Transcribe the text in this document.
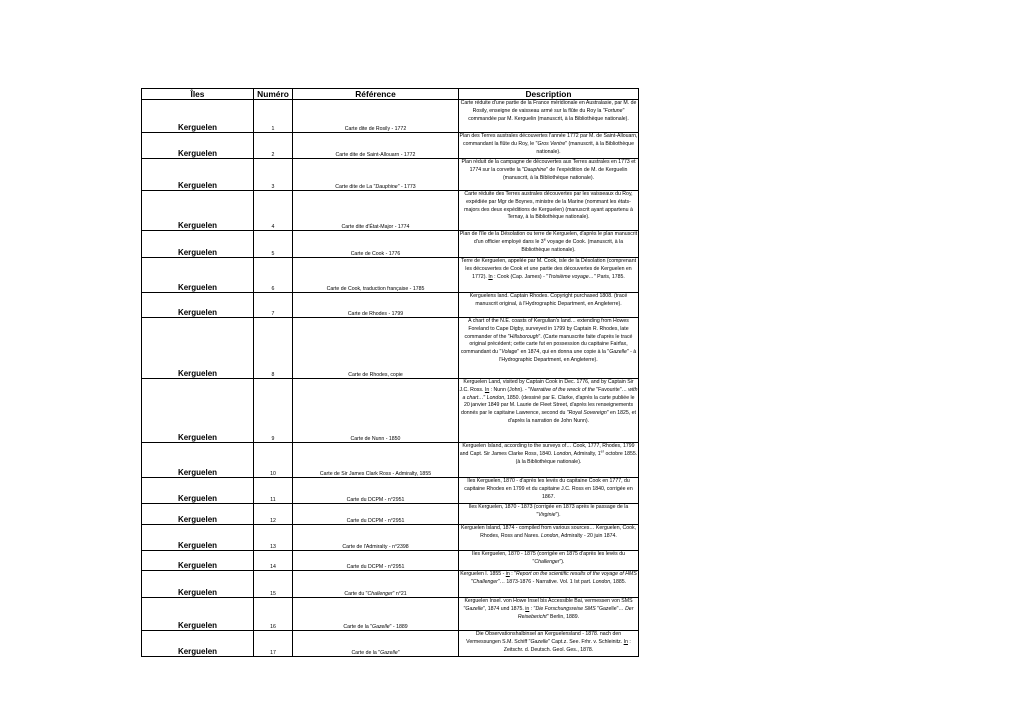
Îles	Numéro	Référence	Description
Kerguelen	1	Carte dite de Rosily - 1772	Carte réduite d'une partie de la France méridionale en Australasie, par M. de Rosily, enseigne de vaisseau armé sur la flûte du Roy la "Fortune" commandée par M. Kerguelin (manuscrit, à la Bibliothèque nationale).
Kerguelen	2	Carte dite de Saint-Allouarn - 1772	Plan des Terres australes découvertes l'année 1772 par M. de Saint-Allouarn, commandant la flûte du Roy, le "Gros Ventre" (manuscrit, à la Bibliothèque nationale).
Kerguelen	3	Carte dite de La "Dauphine" - 1773	Plan réduit de la campagne de découvertes aux Terres australes en 1773 et 1774 sur la corvette la "Dauphine" de l'expédition de M. de Kerguelin (manuscrit, à la Bibliothèque nationale).
Kerguelen	4	Carte dite d'État-Major - 1774	Carte réduite des Terres australes découvertes par les vaisseaux du Roy, expédiée par Mgr de Boynes, ministre de la Marine (nommant les états-majors des deux expéditions de Kerguelen) (manuscrit ayant appartenu à Ternay, à la Bibliothèque nationale).
Kerguelen	5	Carte de Cook - 1776	Plan de l'île de la Désolation ou terre de Kerguelen, d'après le plan manuscrit d'un officier employé dans le 3e voyage de Cook. (manuscrit, à la Bibliothèque nationale).
Kerguelen	6	Carte de Cook, traduction française - 1785	Terre de Kerguelen, appelée par M. Cook, isle de la Désolation (comprenant les découvertes de Cook et une partie des découvertes de Kerguelen en 1772). In : Cook (Cap. James) - "Troisième voyage…" Paris, 1785.
Kerguelen	7	Carte de Rhodes - 1799	Kerguelens land. Captain Rhodes. Copyright purchased 1808. (tracé manuscrit original, à l'Hydrographic Department, en Angleterre).
Kerguelen	8	Carte de Rhodes, copie	A chart of the N.E. coasts of Kergulian's land… extending from Howes Foreland to Cape Digby, surveyed in 1799 by Captain R. Rhodes, late commander of the "Hillsborough". (Carte manuscrite faite d'après le tracé original précédent; cette carte fut en possession du capitaine Fairfax, commandant du "Volage" en 1874, qui en donna une copie à la "Gazelle" - à l'Hydrographic Department, en Angleterre).
Kerguelen	9	Carte de Nunn - 1850	Kerguelen Land, visited by Captain Cook in Dec. 1776, and by Captain Sir J.C. Ross. In : Nunn (John). - "Narrative of the wreck of the "Favourite"… with a chart…" London, 1850. (dessiné par E. Clarke, d'après la carte publiée le 20 janvier 1849 par M. Laurie de Fleet Street, d'après les renseignements donnés par le capitaine Lawrence, second du "Royal Sovereign" en 1825, et d'après la narration de John Nunn).
Kerguelen	10	Carte de Sir James Clark Ross - Admiralty, 1855	Kerguelen Island, according to the surveys of… Cook, 1777, Rhodes, 1799 and Capt. Sir James Clarke Ross, 1840. London, Admiralty, 1er octobre 1855. (à la Bibliothèque nationale).
Kerguelen	11	Carte du DCPM - n°2951	Îles Kerguelen, 1870 - d'après les levés du capitaine Cook en 1777, du capitaine Rhodes en 1799 et du capitaine J.C. Ross en 1840, corrigée en 1867.
Kerguelen	12	Carte du DCPM - n°2951	Îles Kerguelen, 1870 - 1873 (corrigée en 1873 après le passage de la "Virginie").
Kerguelen	13	Carte de l'Admiralty - n°2398	Kerguelen Island, 1874 - compiled from various sources… Kerguelen, Cook, Rhodes, Ross and Nares. London, Admiralty - 20 juin 1874.
Kerguelen	14	Carte du DCPM - n°2951	Îles Kerguelen, 1870 - 1875 (corrigée en 1875 d'après les levés du "Challenger").
Kerguelen	15	Carte du "Challenger" n°21	Kerguelen I. 1855 - in : "Report on the scientific results of the voyage of HMS "Challenger"… 1873-1876 - Narrative. Vol. 1 Ist part. London, 1885.
Kerguelen	16	Carte de la "Gazelle" - 1889	Kerguelen Insel. von Howe Insel bis Accessible Bai, vermessen von SMS "Gazelle", 1874 und 1875. in : "Die Forschungsreise SMS "Gazelle"… Der Reisebericht" Berlin, 1889.
Kerguelen	17	Carte de la "Gazelle"	Die Observationshalbinsel an Kerguelensland - 1878. nach den Vermessungen S.M. Schiff "Gazelle" Capt.z. See. Frhr. v. Schleinitz. In : Zeitschr. d. Deutsch. Geol. Ges., 1878.
